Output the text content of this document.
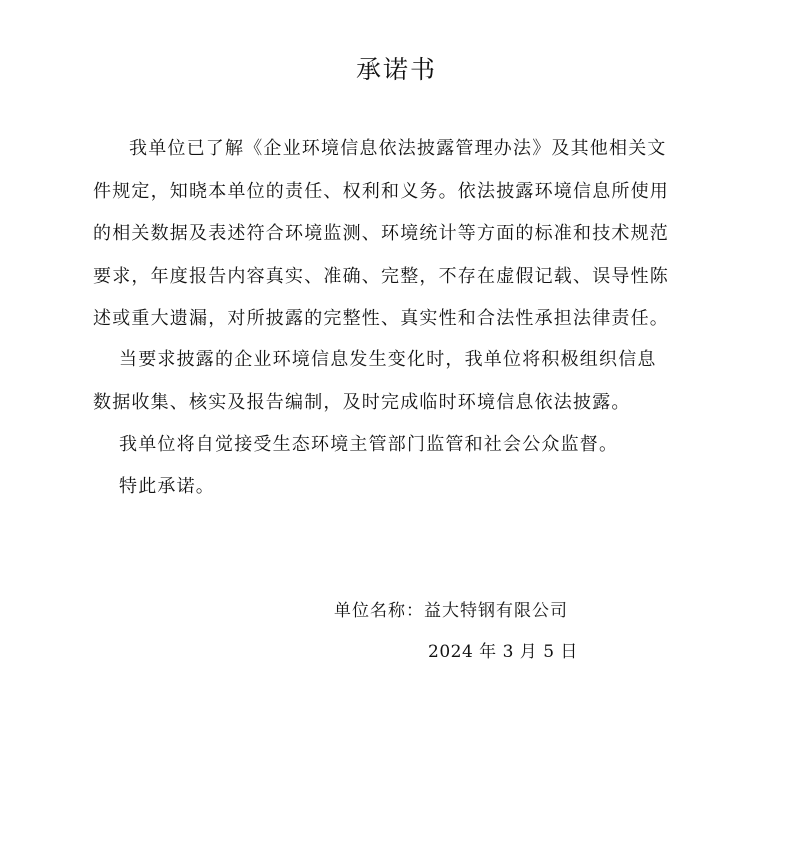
承诺书

我单位已了解《企业环境信息依法披露管理办法》及其他相关文件规定，知晓本单位的责任、权利和义务。依法披露环境信息所使用的相关数据及表述符合环境监测、环境统计等方面的标准和技术规范要求，年度报告内容真实、准确、完整，不存在虚假记载、误导性陈述或重大遗漏，对所披露的完整性、真实性和合法性承担法律责任。

当要求披露的企业环境信息发生变化时，我单位将积极组织信息数据收集、核实及报告编制，及时完成临时环境信息依法披露。

我单位将自觉接受生态环境主管部门监管和社会公众监督。

特此承诺。

单位名称：益大特钢有限公司

2024 年 3 月 5 日
